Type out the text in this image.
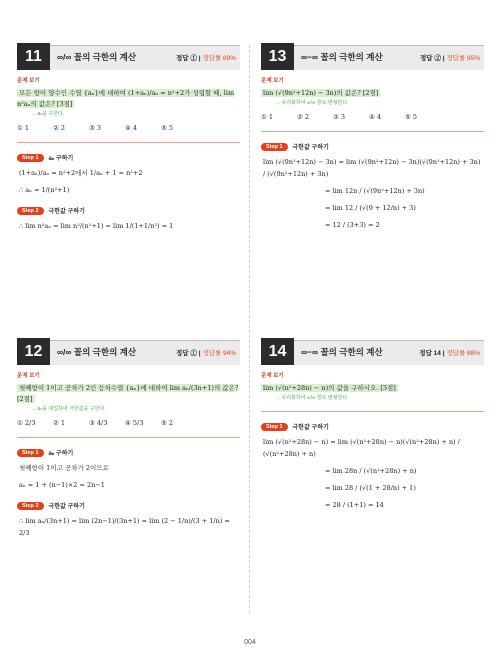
11	∞/∞ 꼴의 극한의 계산	정답 ① | 정답률 89%
문제 보기
모든 항이 양수인 수열 {aₙ}에 대하여 (1+aₙ)/aₙ = n²+2가 성립할 때, lim n²aₙ의 값은? [3점]
→ aₙ을 구한다.
① 1	② 2	③ 3	④ 4	⑤ 5
Step 1	aₙ 구하기
(1+aₙ)/aₙ = n²+2에서 1/aₙ + 1 = n²+2
∴ aₙ = 1/(n²+1)
Step 2	극한값 구하기
∴ lim n²aₙ = lim n²/(n²+1) = lim 1/(1+1/n²) = 1
13	∞−∞ 꼴의 극한의 계산	정답 ② | 정답률 95%
문제 보기
lim (√(9n²+12n) − 3n)의 값은? [2점]
→ 유리화하여 ∞/∞ 꼴로 변형한다.
① 1	② 2	③ 3	④ 4	⑤ 5
Step 1	극한값 구하기
lim (√(9n²+12n) − 3n) = lim (√(9n²+12n) − 3n)(√(9n²+12n) + 3n) / (√(9n²+12n) + 3n)
= lim 12n / (√(9n²+12n) + 3n)
= lim 12 / (√(9 + 12/n) + 3)
= 12 / (3+3) = 2
12	∞/∞ 꼴의 극한의 계산	정답 ① | 정답률 94%
문제 보기
첫째항이 1이고 공차가 2인 등차수열 {aₙ}에 대하여 lim aₙ/(3n+1)의 값은? [2점]
→ aₙ을 대입하여 극한값을 구한다.
① 2/3	② 1	③ 4/3	④ 5/3	⑤ 2
Step 1	aₙ 구하기
첫째항이 1이고 공차가 2이므로
aₙ = 1 + (n−1)×2 = 2n−1
Step 2	극한값 구하기
∴ lim aₙ/(3n+1) = lim (2n−1)/(3n+1) = lim (2 − 1/n)/(3 + 1/n) = 2/3
14	∞−∞ 꼴의 극한의 계산	정답 14 | 정답률 88%
문제 보기
lim (√(n²+28n) − n)의 값을 구하시오. [3점]
→ 유리화하여 ∞/∞ 꼴로 변형한다.
Step 1	극한값 구하기
lim (√(n²+28n) − n) = lim (√(n²+28n) − n)(√(n²+28n) + n) / (√(n²+28n) + n)
= lim 28n / (√(n²+28n) + n)
= lim 28 / (√(1 + 28/n) + 1)
= 28 / (1+1) = 14
004
